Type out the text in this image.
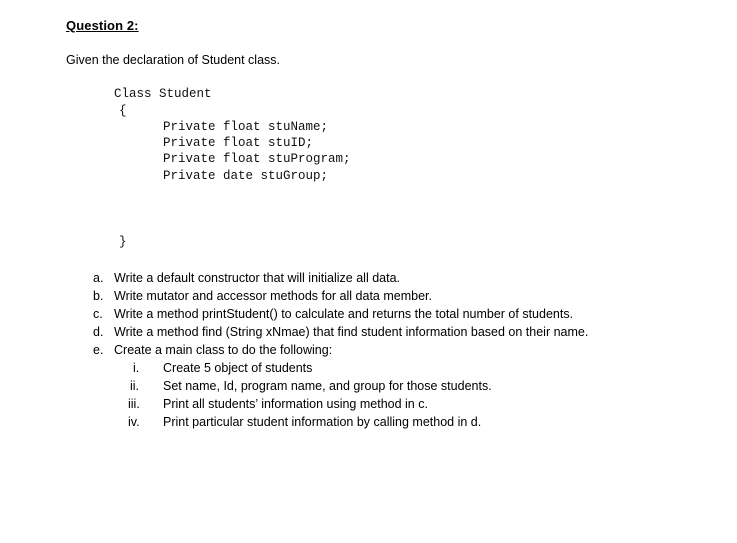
Question 2:
Given the declaration of Student class.

Class Student

{

Private float stuName;

Private float stuID;

Private float stuProgram;

Private date stuGroup;

}

a. Write a default constructor that will initialize all data.
b. Write mutator and accessor methods for all data member.
c. Write a method printStudent() to calculate and returns the total number of students.
d. Write a method find (String xNmae) that find student information based on their name.
e. Create a main class to do the following:
i. Create 5 object of students
ii. Set name, Id, program name, and group for those students.
iii. Print all students’ information using method in c.
iv. Print particular student information by calling method in d.
